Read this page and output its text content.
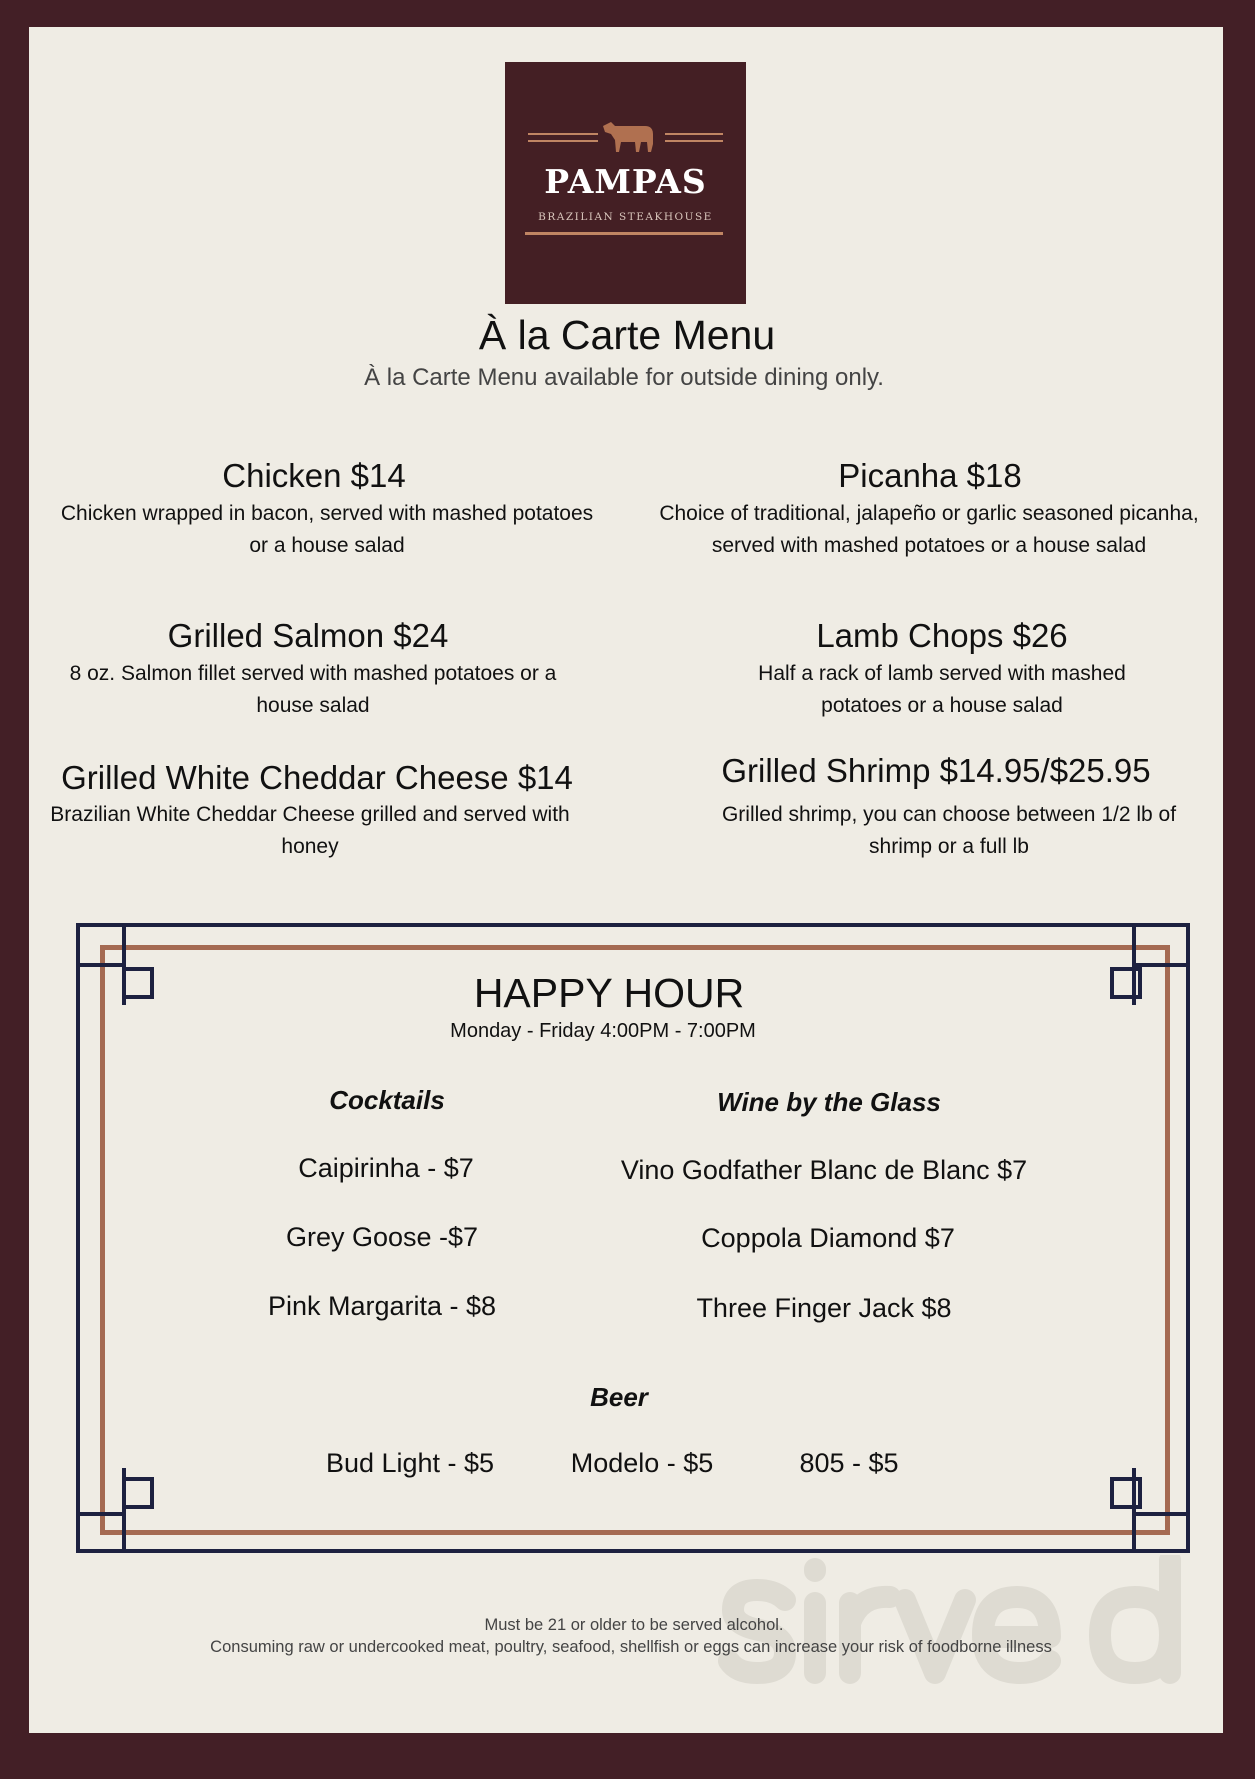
PAMPAS
BRAZILIAN STEAKHOUSE
À la Carte Menu
À la Carte Menu available for outside dining only.
Chicken $14
Chicken wrapped in bacon, served with mashed potatoes or a house salad
Picanha $18
Choice of traditional, jalapeño or garlic seasoned picanha, served with mashed potatoes or a house salad
Grilled Salmon $24
8 oz. Salmon fillet served with mashed potatoes or a house salad
Lamb Chops $26
Half a rack of lamb served with mashed potatoes or a house salad
Grilled White Cheddar Cheese $14
Brazilian White Cheddar Cheese grilled and served with honey
Grilled Shrimp $14.95/$25.95
Grilled shrimp, you can choose between 1/2 lb of shrimp or a full lb
HAPPY HOUR
Monday - Friday 4:00PM - 7:00PM
Cocktails	Wine by the Glass
Caipirinha - $7
Grey Goose -$7
Pink Margarita - $8
Vino Godfather Blanc de Blanc $7
Coppola Diamond $7
Three Finger Jack $8
Beer
Bud Light - $5	Modelo - $5	805 - $5
Must be 21 or older to be served alcohol.
Consuming raw or undercooked meat, poultry, seafood, shellfish or eggs can increase your risk of foodborne illness
